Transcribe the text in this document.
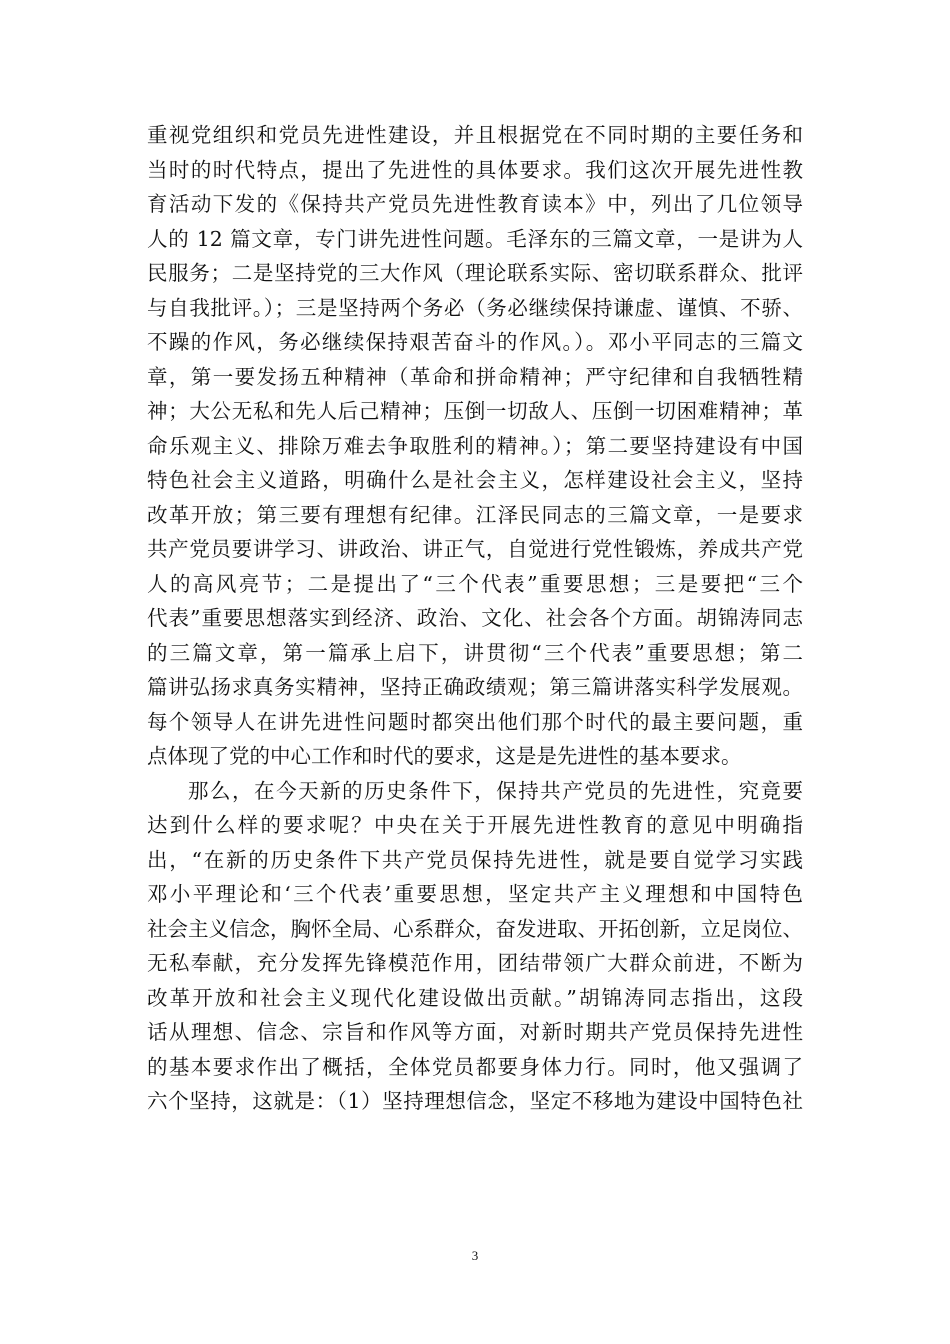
重视党组织和党员先进性建设，并且根据党在不同时期的主要任务和
当时的时代特点，提出了先进性的具体要求。我们这次开展先进性教
育活动下发的《保持共产党员先进性教育读本》中，列出了几位领导
人的 12 篇文章，专门讲先进性问题。毛泽东的三篇文章，一是讲为人
民服务；二是坚持党的三大作风（理论联系实际、密切联系群众、批评
与自我批评。）；三是坚持两个务必（务必继续保持谦虚、谨慎、不骄、
不躁的作风，务必继续保持艰苦奋斗的作风。）。邓小平同志的三篇文
章，第一要发扬五种精神（革命和拼命精神；严守纪律和自我牺牲精
神；大公无私和先人后己精神；压倒一切敌人、压倒一切困难精神；革
命乐观主义、排除万难去争取胜利的精神。）；第二要坚持建设有中国
特色社会主义道路，明确什么是社会主义，怎样建设社会主义，坚持
改革开放；第三要有理想有纪律。江泽民同志的三篇文章，一是要求
共产党员要讲学习、讲政治、讲正气，自觉进行党性锻炼，养成共产党
人的高风亮节；二是提出了“三个代表”重要思想；三是要把“三个
代表”重要思想落实到经济、政治、文化、社会各个方面。胡锦涛同志
的三篇文章，第一篇承上启下，讲贯彻“三个代表”重要思想；第二
篇讲弘扬求真务实精神，坚持正确政绩观；第三篇讲落实科学发展观。
每个领导人在讲先进性问题时都突出他们那个时代的最主要问题，重
点体现了党的中心工作和时代的要求，这是是先进性的基本要求。
那么，在今天新的历史条件下，保持共产党员的先进性，究竟要
达到什么样的要求呢？中央在关于开展先进性教育的意见中明确指
出，“在新的历史条件下共产党员保持先进性，就是要自觉学习实践
邓小平理论和‘三个代表’重要思想，坚定共产主义理想和中国特色
社会主义信念，胸怀全局、心系群众，奋发进取、开拓创新，立足岗位、
无私奉献，充分发挥先锋模范作用，团结带领广大群众前进，不断为
改革开放和社会主义现代化建设做出贡献。”胡锦涛同志指出，这段
话从理想、信念、宗旨和作风等方面，对新时期共产党员保持先进性
的基本要求作出了概括，全体党员都要身体力行。同时，他又强调了
六个坚持，这就是：（1）坚持理想信念，坚定不移地为建设中国特色社
3
